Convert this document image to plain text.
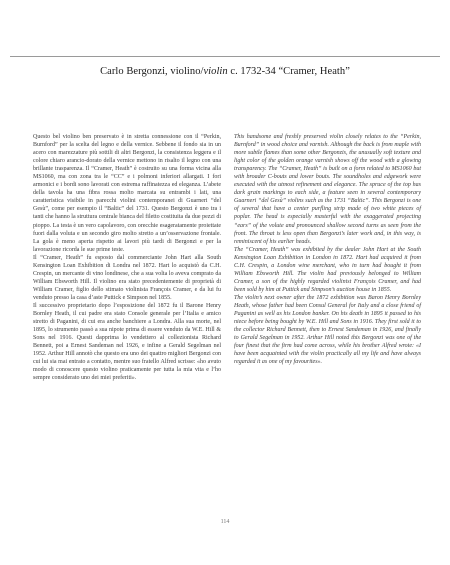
Carlo Bergonzi, violino/violin c. 1732-34 “Cramer, Heath”

Questo bel violino ben preservato è in stretta connessione con il “Perkin, Burnford” per la scelta del legno e della vernice. Sebbene il fondo sia in un acero con marezzature più sottili di altri Bergonzi, la consistenza leggera e il colore chiaro arancio-dorato della vernice mettono in risalto il legno con una brillante trasparenza. Il “Cramer, Heath” è costruito su una forma vicina alla MS1060, ma con zona tra le “CC” e i polmoni inferiori allargati. I fori armonici e i bordi sono lavorati con estrema raffinatezza ed eleganza. L’abete della tavola ha una fibra rossa molto marcata su entrambi i lati, una caratteristica visibile in parecchi violini contemporanei di Guarneri “del Gesù”, come per esempio il “Baltic” del 1731. Questo Bergonzi è uno tra i tanti che hanno la struttura centrale bianca del filetto costituita da due pezzi di pioppo. La testa è un vero capolavoro, con orecchie esageratamente proiettate fuori dalla voluta e un secondo giro molto stretto a un’osservazione frontale. La gola è meno aperta rispetto ai lavori più tardi di Bergonzi e per la lavorazione ricorda le sue prime teste.

Il “Cramer, Heath” fu esposto dal commerciante John Hart alla South Kensington Loan Exhibition di Londra nel 1872. Hart lo acquistò da C.H. Crespin, un mercante di vino londinese, che a sua volta lo aveva comprato da William Ebsworth Hill. Il violino era stato precedentemente di proprietà di William Cramer, figlio dello stimato violinista François Cramer, e da lui fu venduto presso la casa d’aste Puttick e Simpson nel 1855.

Il successivo proprietario dopo l’esposizione del 1872 fu il Barone Henry Bornley Heath, il cui padre era stato Console generale per l’Italia e amico stretto di Paganini, di cui era anche banchiere a Londra. Alla sua morte, nel 1895, lo strumento passò a sua nipote prima di essere venduto da W.E. Hill & Sons nel 1916. Questi dapprima lo vendettero al collezionista Richard Bennett, poi a Ernest Sandeman nel 1926, e infine a Gerald Segelman nel 1952. Arthur Hill annotò che questo era uno dei quattro migliori Bergonzi con cui lui sia mai entrato a contatto, mentre suo fratello Alfred scrisse: «ho avuto modo di conoscere questo violino praticamente per tutta la mia vita e l’ho sempre considerato uno dei miei preferiti».

This handsome and freshly preserved violin closely relates to the “Perkin, Burnford” in wood choice and varnish. Although the back is from maple with more subtle flames than some other Bergonzis, the unusually soft texture and light color of the golden orange varnish shows off the wood with a glowing transparency. The “Cramer, Heath” is built on a form related to MS1060 but with broader C-bouts and lower bouts. The soundholes and edgework were executed with the utmost refinement and elegance. The spruce of the top has dark grain markings to each side, a feature seen in several contemporary Guarneri “del Gesù” violins such as the 1731 “Baltic”. This Bergonzi is one of several that have a center purfling strip made of two white pieces of poplar. The head is especially masterful with the exaggerated projecting “ears” of the volute and pronounced shallow second turns as seen from the front. The throat is less open than Bergonzi’s later work and, in this way, is reminiscent of his earlier heads.

The “Cramer, Heath” was exhibited by the dealer John Hart at the South Kensington Loan Exhibition in London in 1872. Hart had acquired it from C.H. Crespin, a London wine merchant, who in turn had bought it from William Ebsworth Hill. The violin had previously belonged to William Cramer, a son of the highly regarded violinist François Cramer, and had been sold by him at Puttick and Simpson’s auction house in 1855.

The violin’s next owner after the 1872 exhibition was Baron Henry Bornley Heath, whose father had been Consul General for Italy and a close friend of Paganini as well as his London banker. On his death in 1895 it passed to his niece before being bought by W.E. Hill and Sons in 1916. They first sold it to the collector Richard Bennett, then to Ernest Sandeman in 1926, and finally to Gerald Segelman in 1952. Arthur Hill noted this Bergonzi was one of the four finest that the firm had come across, while his brother Alfred wrote: «I have been acquainted with the violin practically all my life and have always regarded it as one of my favourites».

114
